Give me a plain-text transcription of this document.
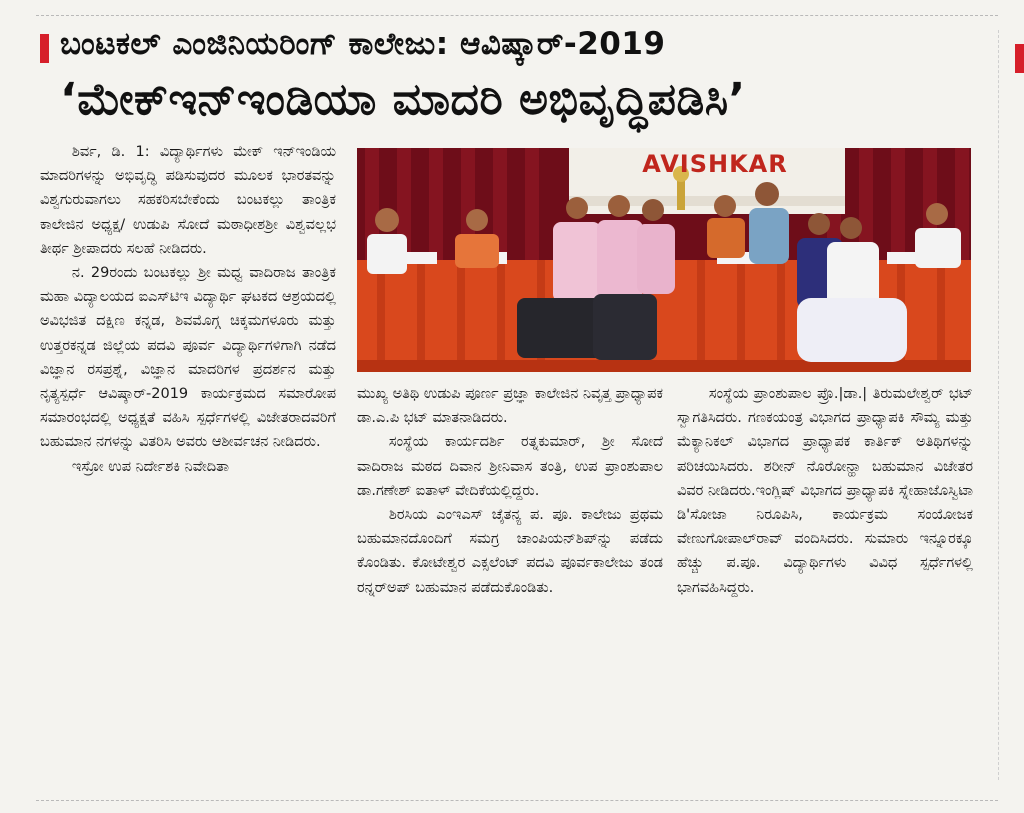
ಬಂಟಕಲ್ ಎಂಜಿನಿಯರಿಂಗ್ ಕಾಲೇಜು: ಆವಿಷ್ಕಾರ್-2019
‘ಮೇಕ್ಇನ್ಇಂಡಿಯಾ ಮಾದರಿ ಅಭಿವೃದ್ಧಿಪಡಿಸಿ’

ಶಿರ್ವ, ಡಿ. 1: ವಿದ್ಯಾರ್ಥಿಗಳು ಮೇಕ್ ಇನ್ಇಂಡಿಯ ಮಾದರಿಗಳನ್ನು ಅಭಿವೃದ್ಧಿ ಪಡಿಸುವುದರ ಮೂಲಕ ಭಾರತವನ್ನು ವಿಶ್ವಗುರುವಾಗಲು ಸಹಕರಿಸಬೇಕೆಂದು ಬಂಟಕಲ್ಲು ತಾಂತ್ರಿಕ ಕಾಲೇಜಿನ ಅಧ್ಯಕ್ಷ/ ಉಡುಪಿ ಸೋದೆ ಮಠಾಧೀಶಶ್ರೀ ವಿಶ್ವವಲ್ಲಭ ತೀರ್ಥ ಶ್ರೀಪಾದರು ಸಲಹೆ ನೀಡಿದರು.

ನ. 29ರಂದು ಬಂಟಕಲ್ಲು ಶ್ರೀ ಮಧ್ವ ವಾದಿರಾಜ ತಾಂತ್ರಿಕ ಮಹಾ ವಿದ್ಯಾಲಯದ ಐಎಸ್‌ಟಿಇ ವಿದ್ಯಾರ್ಥಿ ಘಟಕದ ಆಶ್ರಯದಲ್ಲಿ ಅವಿಭಜಿತ ದಕ್ಷಿಣ ಕನ್ನಡ, ಶಿವಮೊಗ್ಗ ಚಿಕ್ಕಮಗಳೂರು ಮತ್ತು ಉತ್ತರಕನ್ನಡ ಜಿಲ್ಲೆಯ ಪದವಿ ಪೂರ್ವ ವಿದ್ಯಾರ್ಥಿಗಳಿಗಾಗಿ ನಡೆದ ವಿಜ್ಞಾನ ರಸಪ್ರಶ್ನೆ, ವಿಜ್ಞಾನ ಮಾದರಿಗಳ ಪ್ರದರ್ಶನ ಮತ್ತು ನೃತ್ಯಸ್ಪರ್ಧೆ ಆವಿಷ್ಕಾರ್-2019 ಕಾರ್ಯಕ್ರಮದ ಸಮಾರೋಪ ಸಮಾರಂಭದಲ್ಲಿ ಅಧ್ಯಕ್ಷತೆ ವಹಿಸಿ ಸ್ಪರ್ಧೆಗಳಲ್ಲಿ ವಿಜೇತರಾದವರಿಗೆ ಬಹುಮಾನ ನಗಳನ್ನು ವಿತರಿಸಿ ಅವರು ಆಶೀರ್ವಚನ ನೀಡಿದರು.

ಇಸ್ರೋ ಉಪ ನಿರ್ದೇಶಕಿ ನಿವೇದಿತಾ

AVISHKAR

ಮುಖ್ಯ ಅತಿಥಿ ಉಡುಪಿ ಪೂರ್ಣ ಪ್ರಜ್ಞಾ ಕಾಲೇಜಿನ ನಿವೃತ್ತ ಪ್ರಾಧ್ಯಾಪಕ ಡಾ.ಎ.ಪಿ ಭಟ್ ಮಾತನಾಡಿದರು.

ಸಂಸ್ಥೆಯ ಕಾರ್ಯದರ್ಶಿ ರತ್ನಕುಮಾರ್, ಶ್ರೀ ಸೋದೆ ವಾದಿರಾಜ ಮಠದ ದಿವಾನ ಶ್ರೀನಿವಾಸ ತಂತ್ರಿ, ಉಪ ಪ್ರಾಂಶುಪಾಲ ಡಾ.ಗಣೇಶ್ ಐತಾಳ್ ವೇದಿಕೆಯಲ್ಲಿದ್ದರು.

ಶಿರಸಿಯ ಎಂಇಎಸ್ ಚೈತನ್ಯ ಪ. ಪೂ. ಕಾಲೇಜು ಪ್ರಥಮ ಬಹುಮಾನದೊಂದಿಗೆ ಸಮಗ್ರ ಚಾಂಪಿಯನ್‌ಶಿಪ್‌ನ್ನು ಪಡೆದು ಕೊಂಡಿತು. ಕೋಟೇಶ್ವರ ಎಕ್ಸಲೆಂಟ್ ಪದವಿ ಪೂರ್ವಕಾಲೇಜು ತಂಡ ರನ್ನರ್‌ಅಪ್ ಬಹುಮಾನ ಪಡೆದುಕೊಂಡಿತು.

ಸಂಸ್ಥೆಯ ಪ್ರಾಂಶುಪಾಲ ಪ್ರೊ.|ಡಾ.| ತಿರುಮಲೇಶ್ವರ್ ಭಟ್ ಸ್ವಾಗತಿಸಿದರು. ಗಣಕಯಂತ್ರ ವಿಭಾಗದ ಪ್ರಾಧ್ಯಾಪಕಿ ಸೌಮ್ಯ ಮತ್ತು ಮೆಕ್ಯಾನಿಕಲ್ ವಿಭಾಗದ ಪ್ರಾಧ್ಯಾಪಕ ಕಾರ್ತಿಕ್ ಅತಿಥಿಗಳನ್ನು ಪರಿಚಯಿಸಿದರು. ಶರೀನ್ ನೊರೋನ್ಹಾ ಬಹುಮಾನ ವಿಜೇತರ ವಿವರ ನೀಡಿದರು.ಇಂಗ್ಲಿಷ್ ವಿಭಾಗದ ಪ್ರಾಧ್ಯಾಪಕಿ ಸ್ನೇಹಾಜೊಸ್ವಿಟಾ ಡಿ'ಸೋಜಾ ನಿರೂಪಿಸಿ, ಕಾರ್ಯಕ್ರಮ ಸಂಯೋಜಕ ವೇಣುಗೋಪಾಲ್‌ರಾವ್ ವಂದಿಸಿದರು. ಸುಮಾರು ಇನ್ನೂರಕ್ಕೂ ಹೆಚ್ಚು ಪ.ಪೂ. ವಿದ್ಯಾರ್ಥಿಗಳು ವಿವಿಧ ಸ್ಪರ್ಧೆಗಳಲ್ಲಿ ಭಾಗವಹಿಸಿದ್ದರು.
